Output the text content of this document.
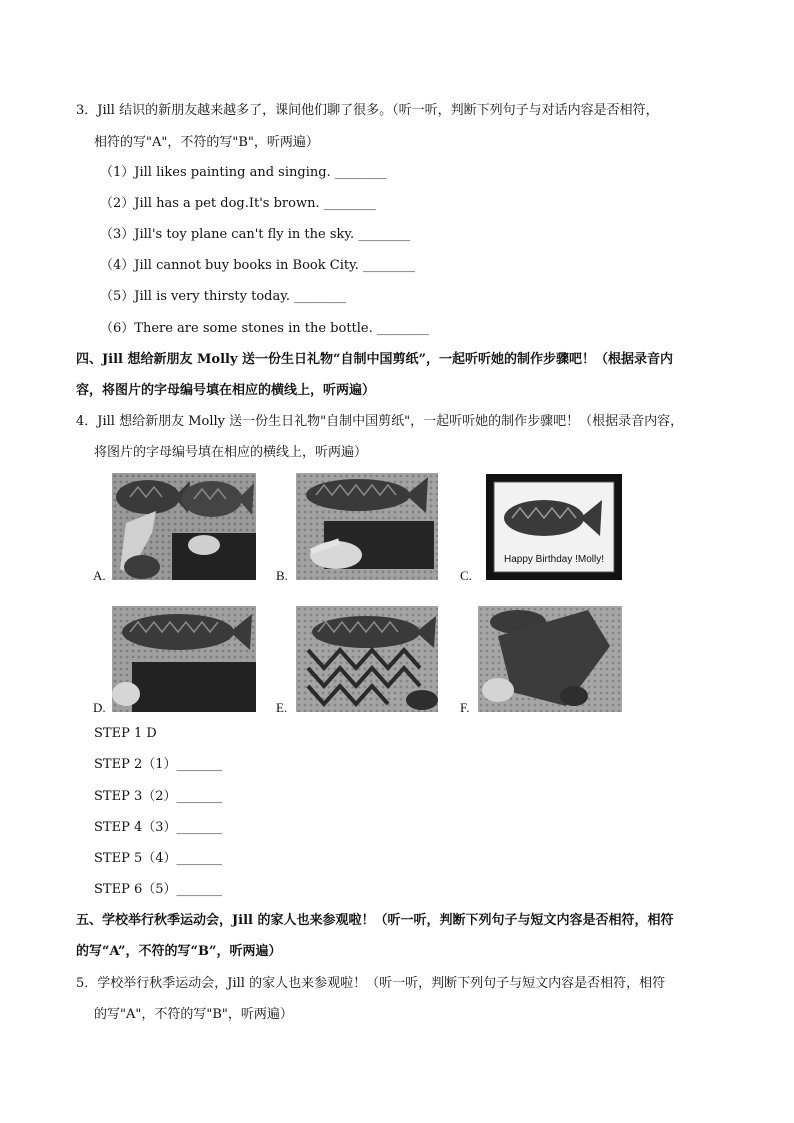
3．Jill 结识的新朋友越来越多了，课间他们聊了很多。（听一听，判断下列句子与对话内容是否相符，
相符的写"A"，不符的写"B"，听两遍）
（1）Jill likes painting and singing. ________
（2）Jill has a pet dog.It's brown. ________
（3）Jill's toy plane can't fly in the sky. ________
（4）Jill cannot buy books in Book City. ________
（5）Jill is very thirsty today. ________
（6）There are some stones in the bottle. ________
四、Jill 想给新朋友 Molly 送一份生日礼物“自制中国剪纸”，一起听听她的制作步骤吧！（根据录音内
容，将图片的字母编号填在相应的横线上，听两遍）
4．Jill 想给新朋友 Molly 送一份生日礼物"自制中国剪纸"，一起听听她的制作步骤吧！（根据录音内容，
将图片的字母编号填在相应的横线上，听两遍）
A.	B.	C.
Happy Birthday !Molly!
D.	E.	F.
STEP 1 D
STEP 2（1）_______
STEP 3（2）_______
STEP 4（3）_______
STEP 5（4）_______
STEP 6（5）_______
五、学校举行秋季运动会，Jill 的家人也来参观啦！（听一听，判断下列句子与短文内容是否相符，相符
的写“A”，不符的写“B”，听两遍）
5．学校举行秋季运动会，Jill 的家人也来参观啦！（听一听，判断下列句子与短文内容是否相符，相符
的写"A"，不符的写"B"，听两遍）
